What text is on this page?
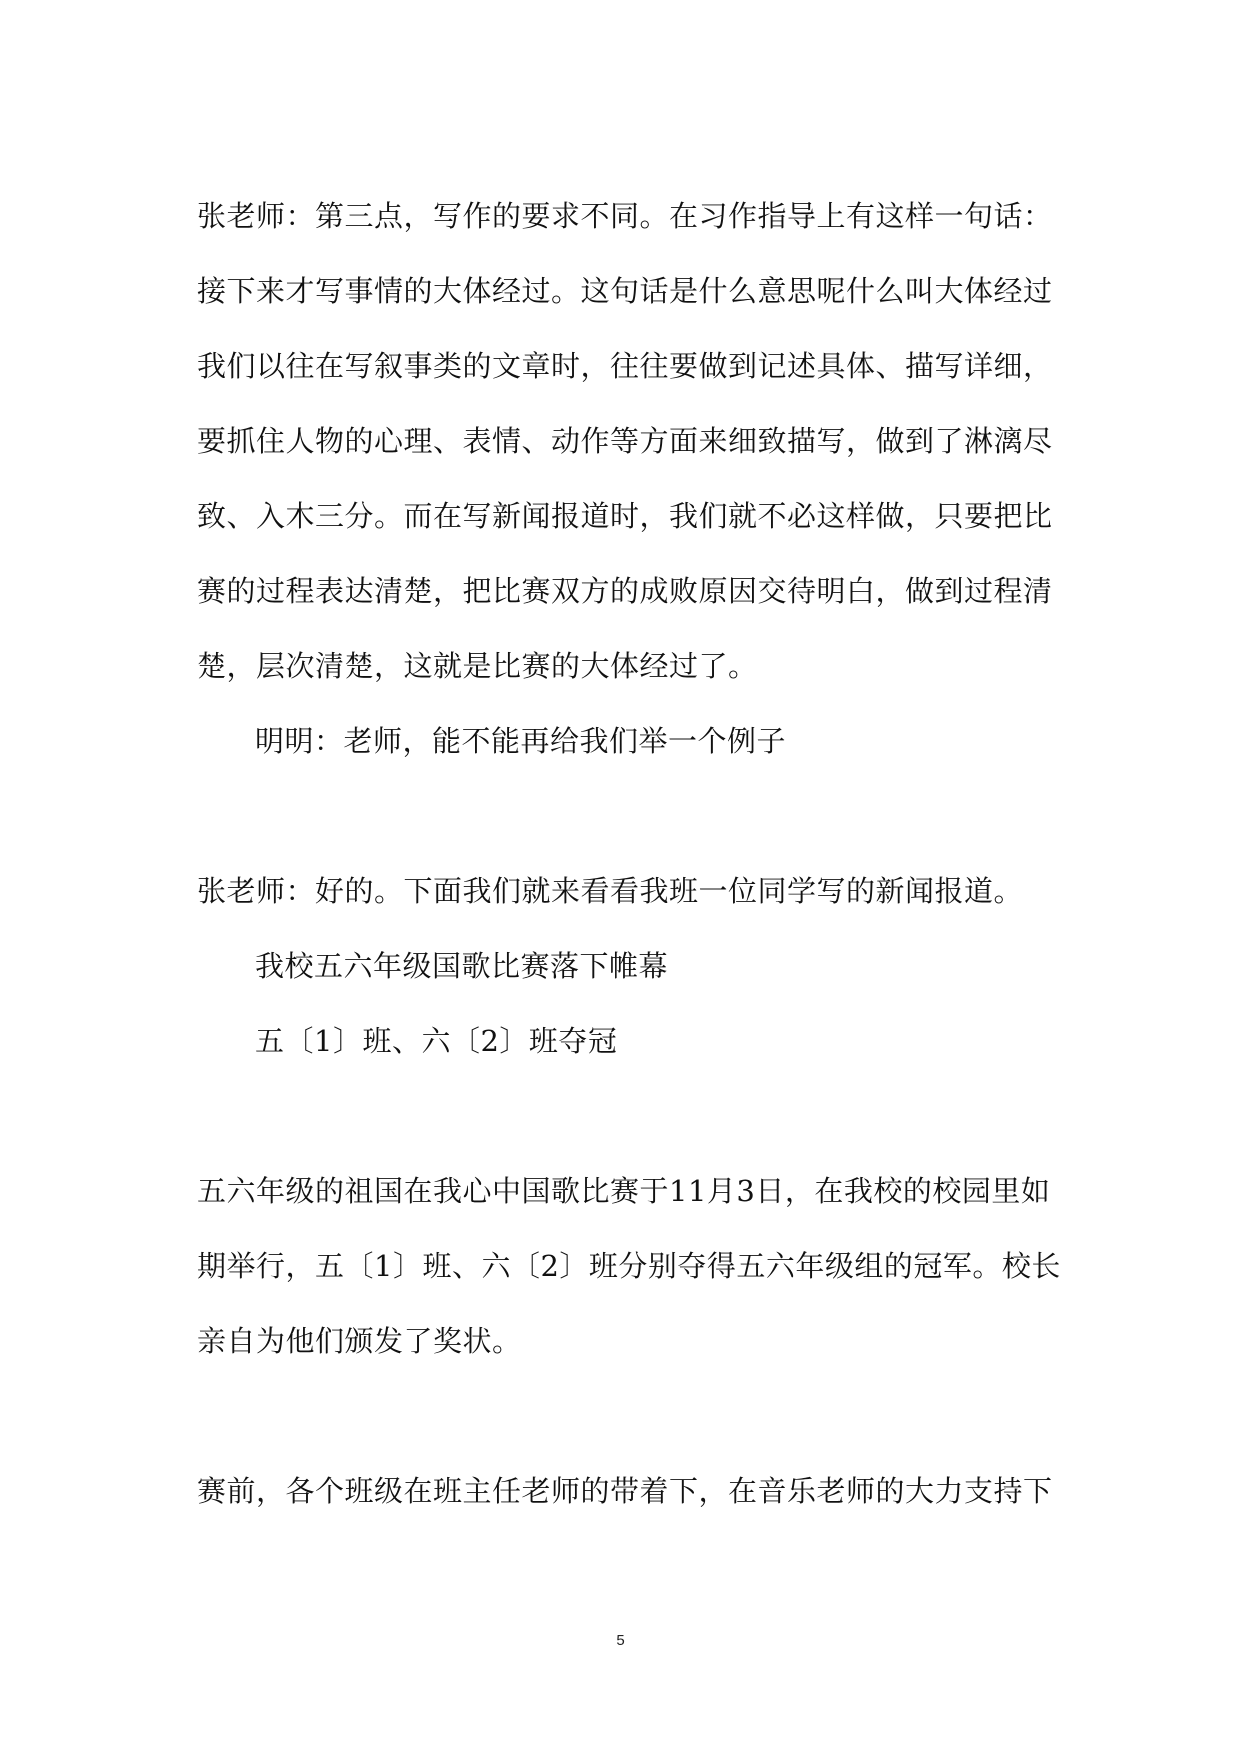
张老师：第三点，写作的要求不同。在习作指导上有这样一句话：
接下来才写事情的大体经过。这句话是什么意思呢什么叫大体经过
我们以往在写叙事类的文章时，往往要做到记述具体、描写详细，
要抓住人物的心理、表情、动作等方面来细致描写，做到了淋漓尽
致、入木三分。而在写新闻报道时，我们就不必这样做，只要把比
赛的过程表达清楚，把比赛双方的成败原因交待明白，做到过程清
楚，层次清楚，这就是比赛的大体经过了。
明明：老师，能不能再给我们举一个例子
张老师：好的。下面我们就来看看我班一位同学写的新闻报道。
我校五六年级国歌比赛落下帷幕
五〔1〕班、六〔2〕班夺冠
五六年级的祖国在我心中国歌比赛于11月3日，在我校的校园里如
期举行，五〔1〕班、六〔2〕班分别夺得五六年级组的冠军。校长
亲自为他们颁发了奖状。
赛前，各个班级在班主任老师的带着下，在音乐老师的大力支持下
5
